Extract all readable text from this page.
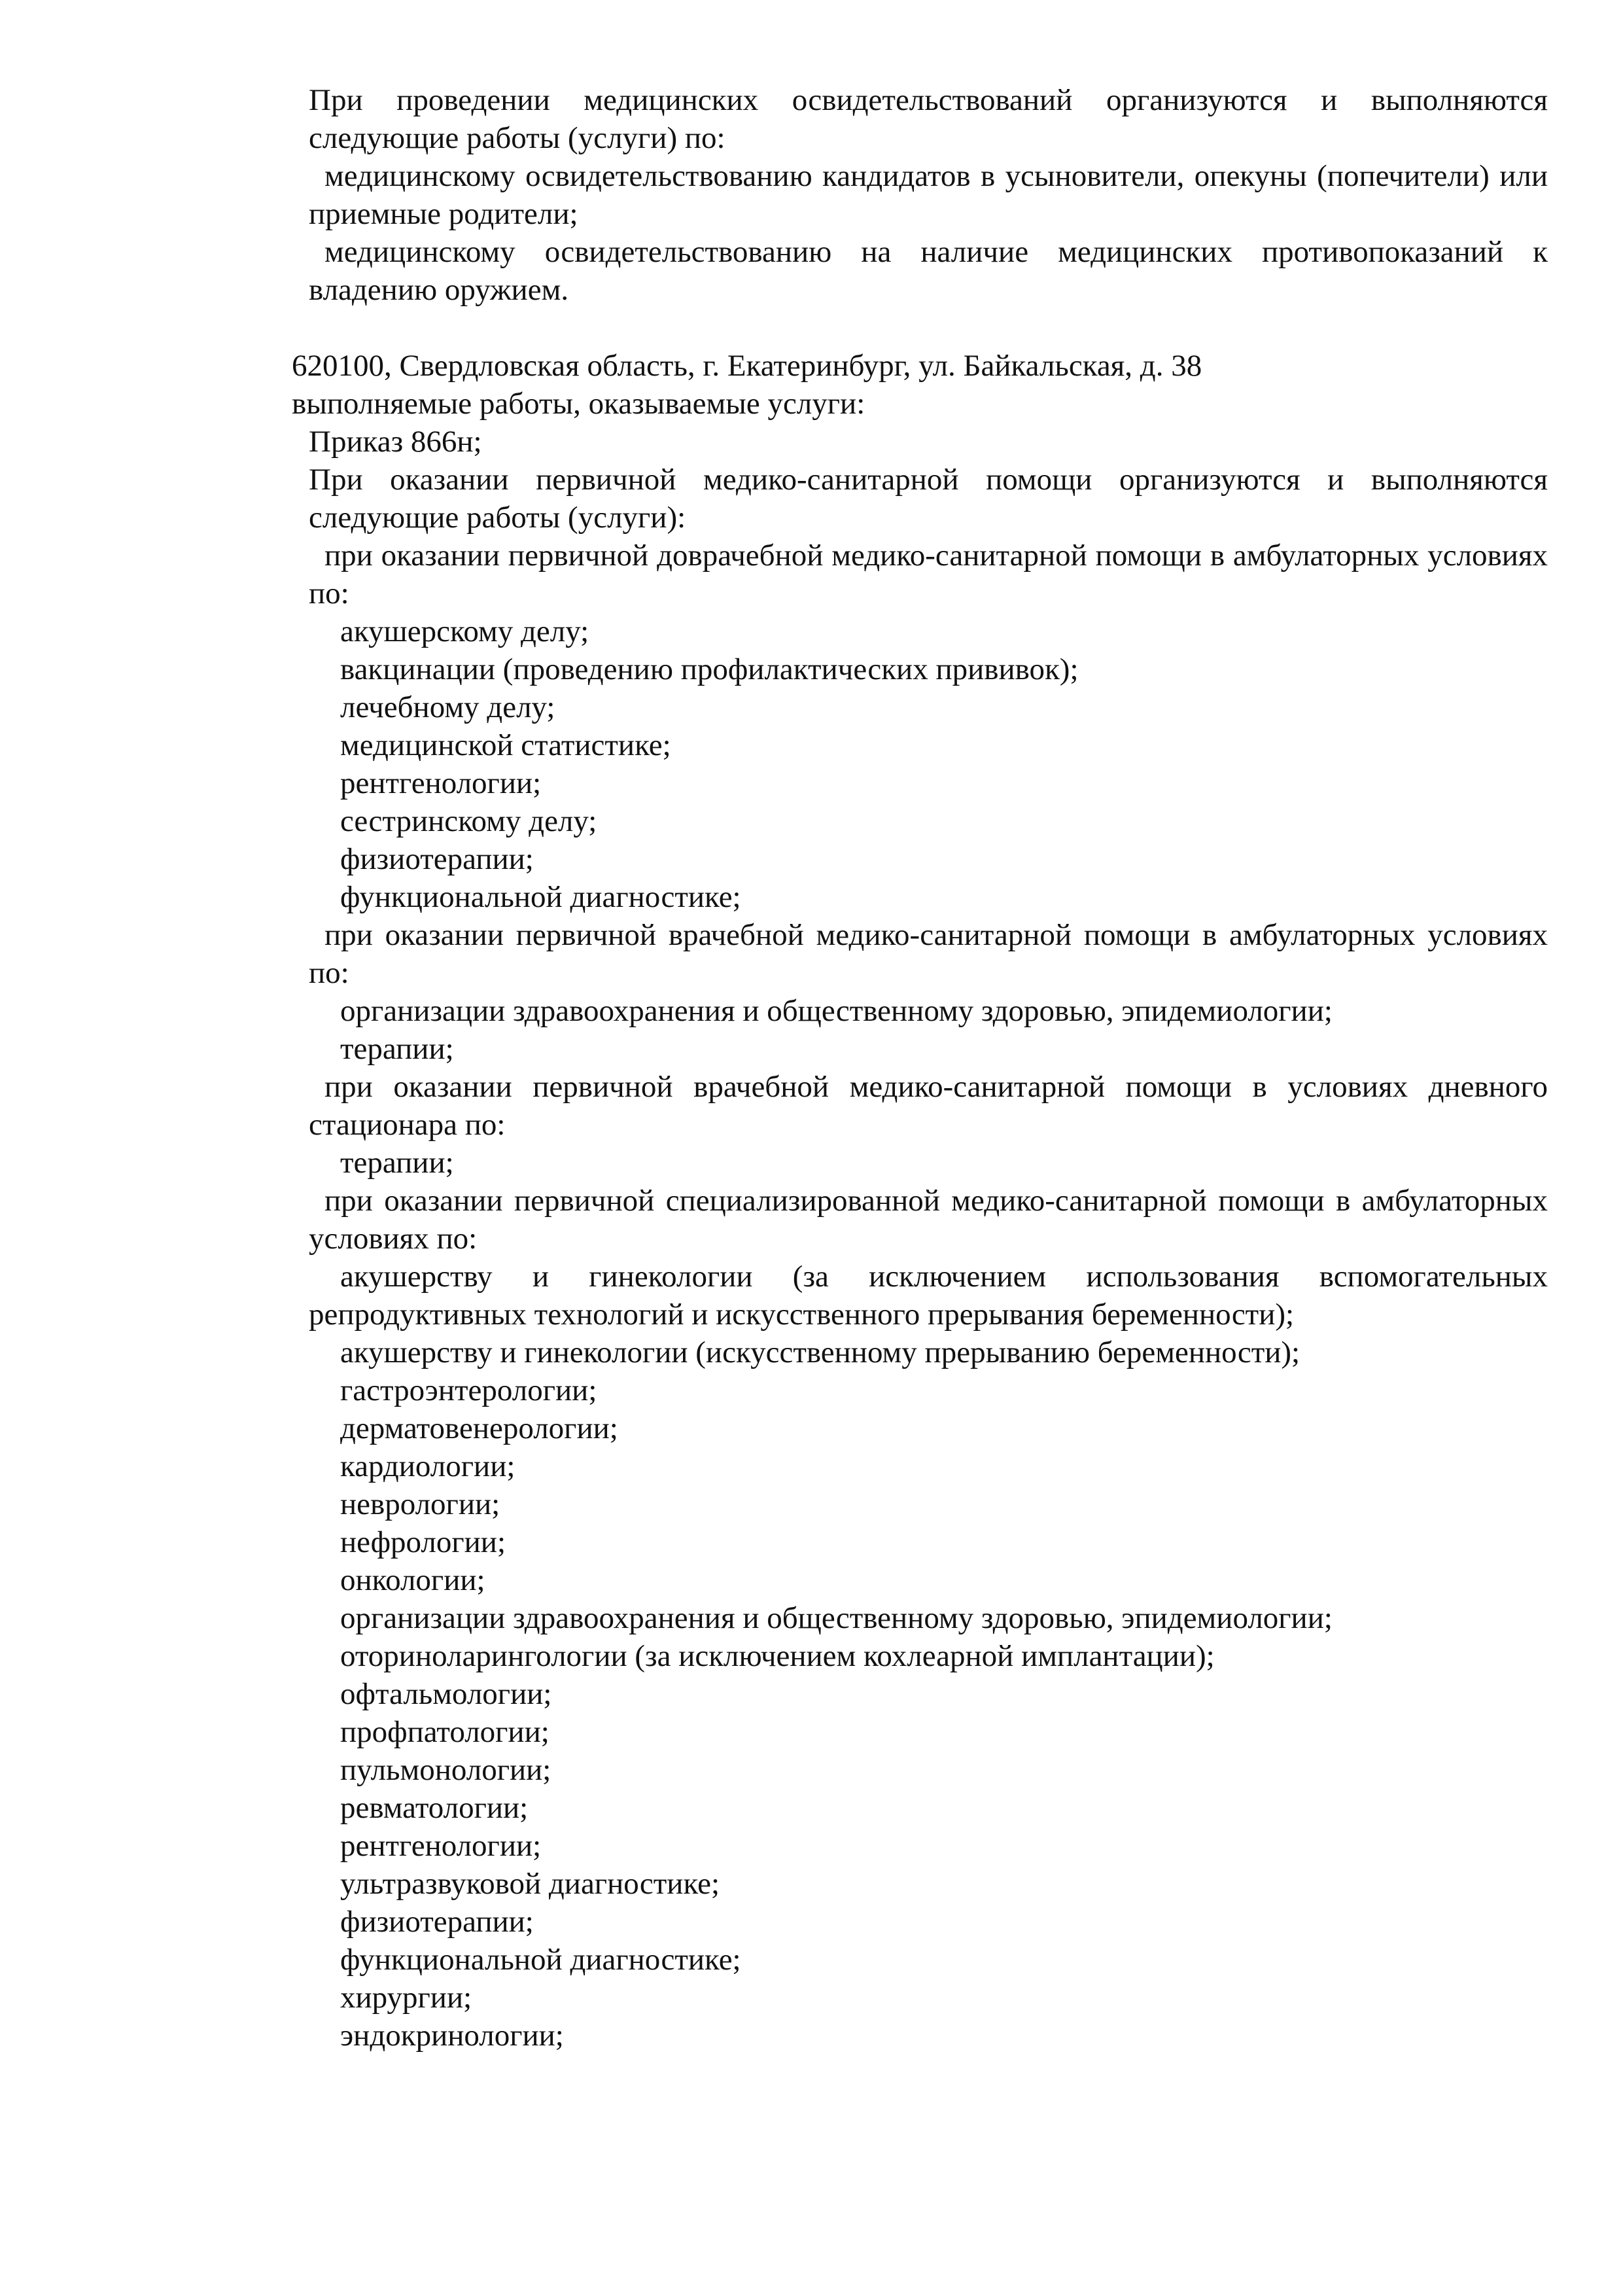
При проведении медицинских освидетельствований организуются и выполняются следующие работы (услуги) по:

медицинскому освидетельствованию кандидатов в усыновители, опекуны (попечители) или приемные родители;

медицинскому освидетельствованию на наличие медицинских противопоказаний к владению оружием.

620100, Свердловская область, г. Екатеринбург, ул. Байкальская, д. 38

выполняемые работы, оказываемые услуги:

Приказ 866н;

При оказании первичной медико-санитарной помощи организуются и выполняются следующие работы (услуги):

при оказании первичной доврачебной медико-санитарной помощи в амбулаторных условиях по:

акушерскому делу;

вакцинации (проведению профилактических прививок);

лечебному делу;

медицинской статистике;

рентгенологии;

сестринскому делу;

физиотерапии;

функциональной диагностике;

при оказании первичной врачебной медико-санитарной помощи в амбулаторных условиях по:

организации здравоохранения и общественному здоровью, эпидемиологии;

терапии;

при оказании первичной врачебной медико-санитарной помощи в условиях дневного стационара по:

терапии;

при оказании первичной специализированной медико-санитарной помощи в амбулаторных условиях по:

акушерству и гинекологии (за исключением использования вспомогательных репродуктивных технологий и искусственного прерывания беременности);

акушерству и гинекологии (искусственному прерыванию беременности);

гастроэнтерологии;

дерматовенерологии;

кардиологии;

неврологии;

нефрологии;

онкологии;

организации здравоохранения и общественному здоровью, эпидемиологии;

оториноларингологии (за исключением кохлеарной имплантации);

офтальмологии;

профпатологии;

пульмонологии;

ревматологии;

рентгенологии;

ультразвуковой диагностике;

физиотерапии;

функциональной диагностике;

хирургии;

эндокринологии;
